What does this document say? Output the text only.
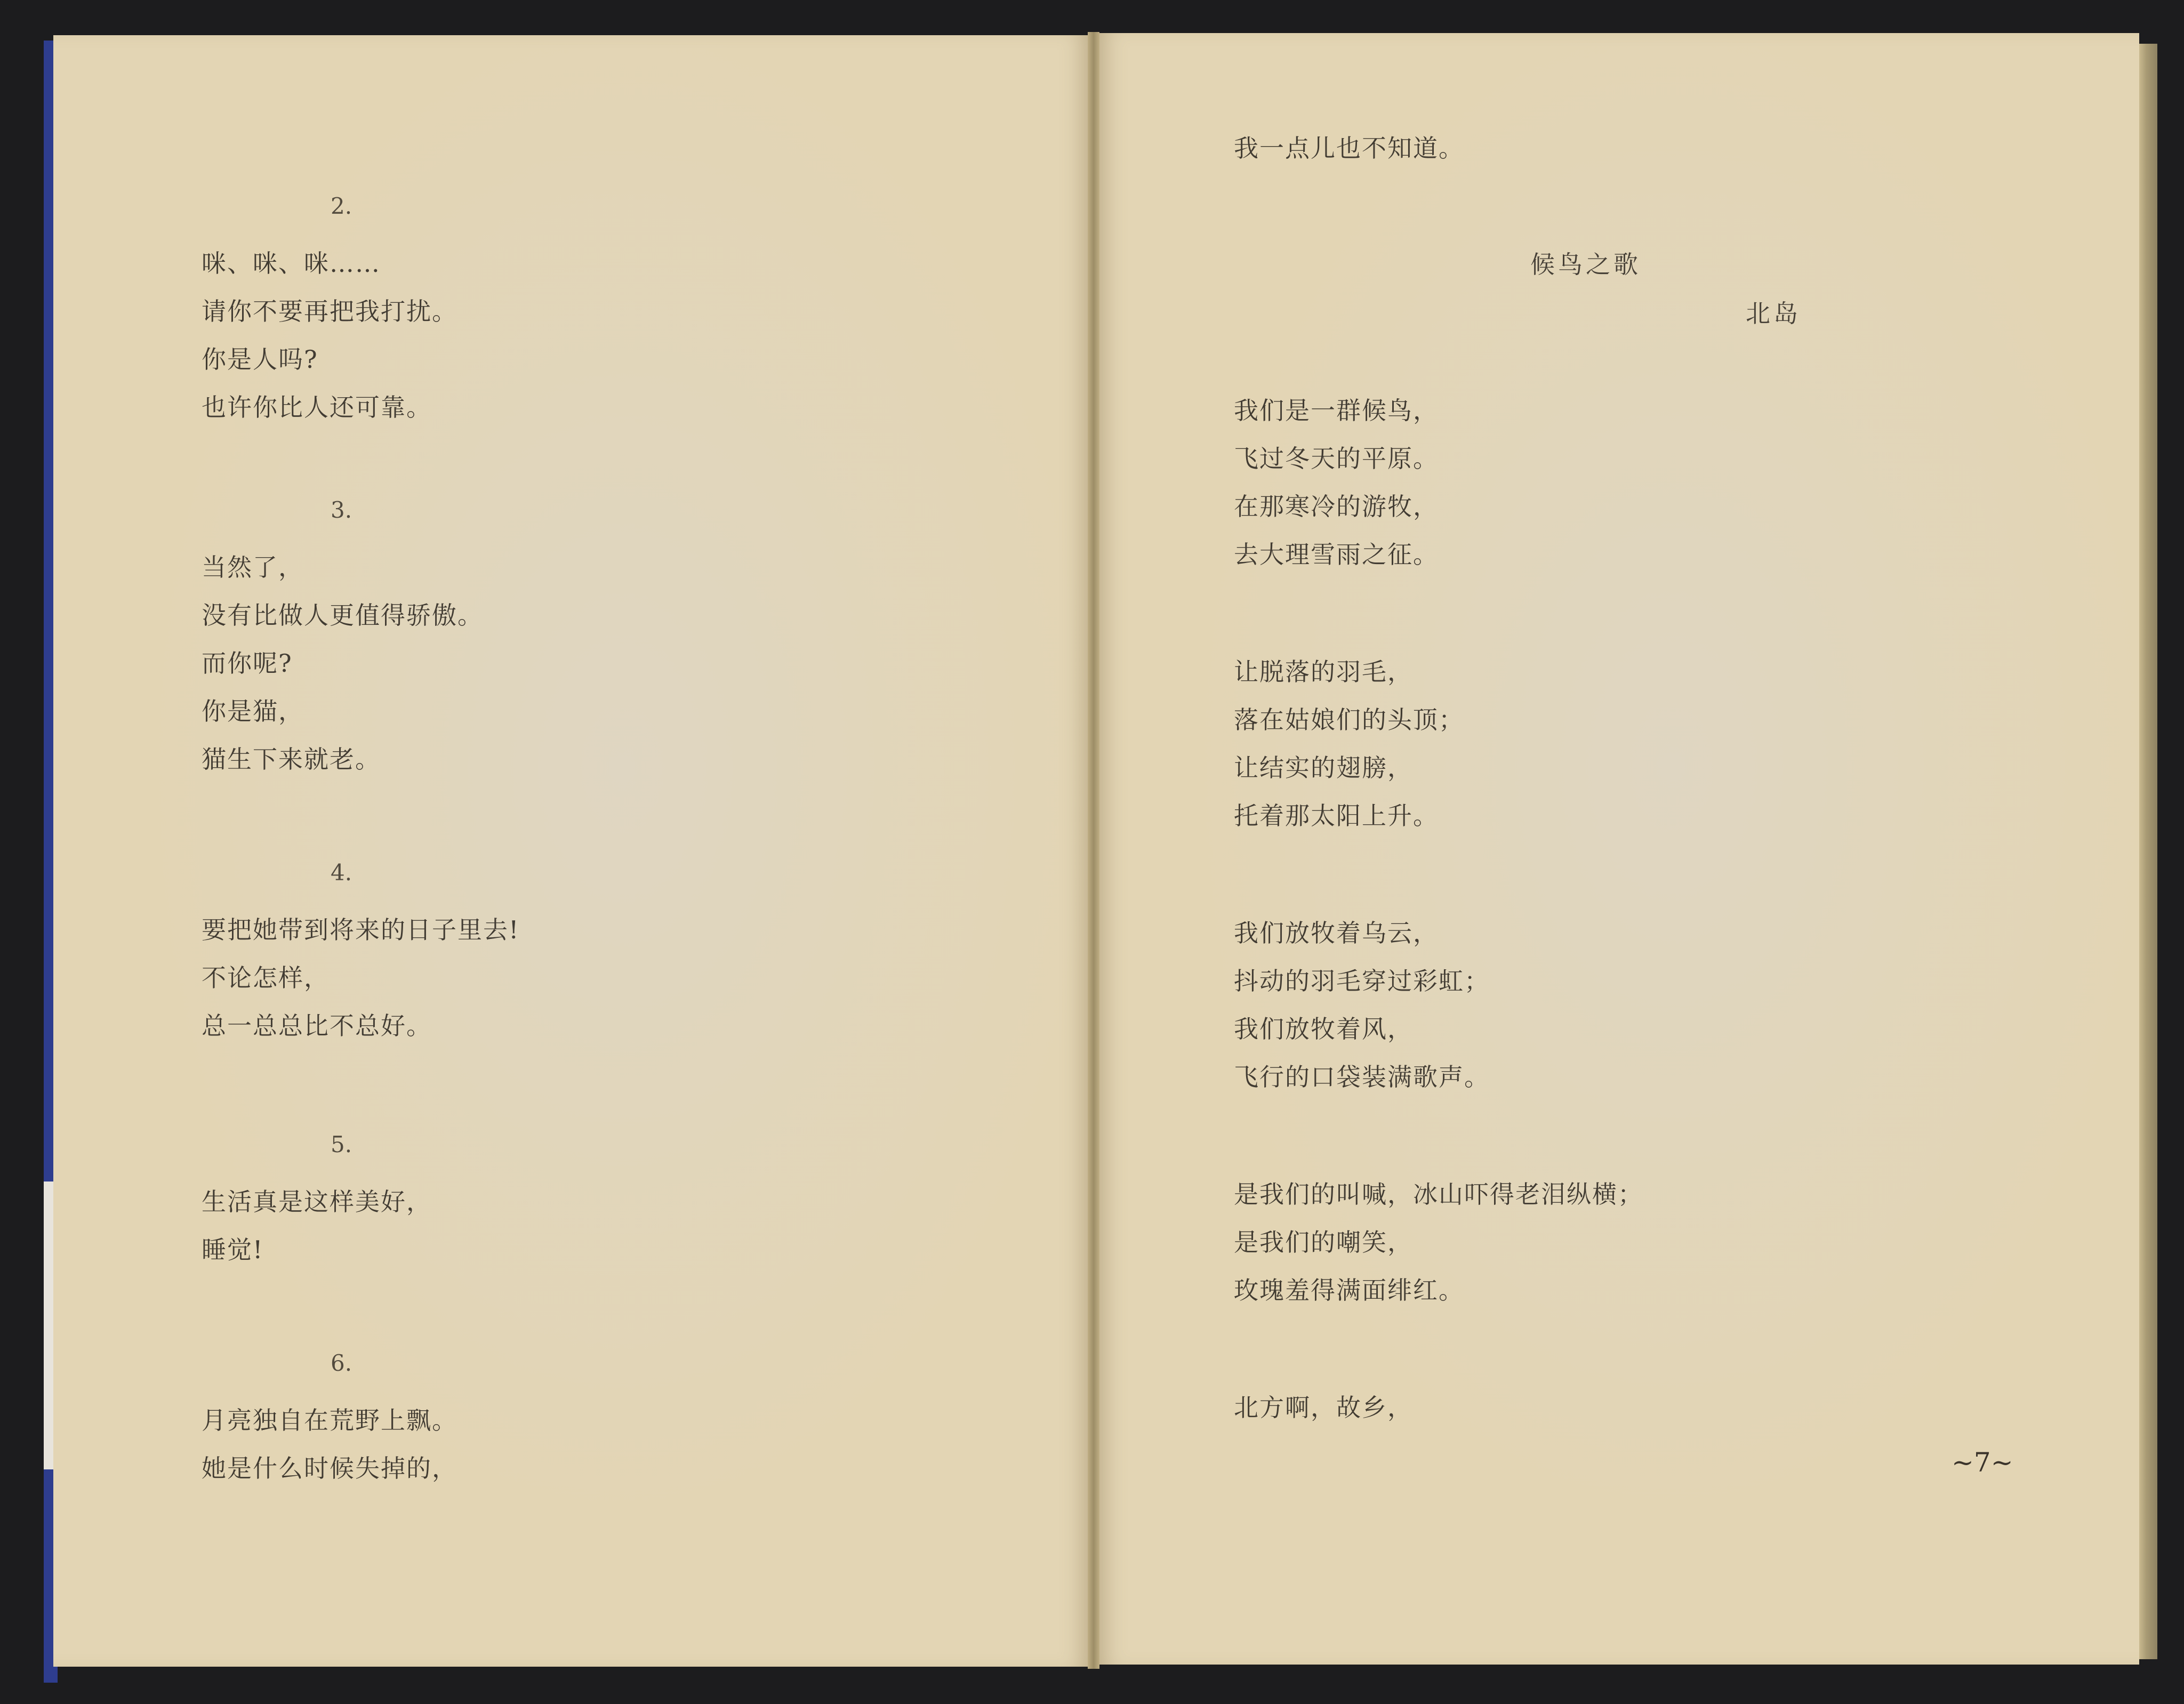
2.

咪、咪、咪……

请你不要再把我打扰。

你是人吗?

也许你比人还可靠。

3.

当然了，

没有比做人更值得骄傲。

而你呢?

你是猫，

猫生下来就老。

4.

要把她带到将来的日子里去!

不论怎样，

总一总总比不总好。

5.

生活真是这样美好，

睡觉!

6.

月亮独自在荒野上飘。

她是什么时候失掉的，

我一点儿也不知道。

候鸟之歌

北岛

我们是一群候鸟，

飞过冬天的平原。

在那寒冷的游牧，

去大理雪雨之征。

让脱落的羽毛，

落在姑娘们的头顶；

让结实的翅膀，

托着那太阳上升。

我们放牧着乌云，

抖动的羽毛穿过彩虹；

我们放牧着风，

飞行的口袋装满歌声。

是我们的叫喊，冰山吓得老泪纵横；

是我们的嘲笑，

玫瑰羞得满面绯红。

北方啊，故乡，

~7~
